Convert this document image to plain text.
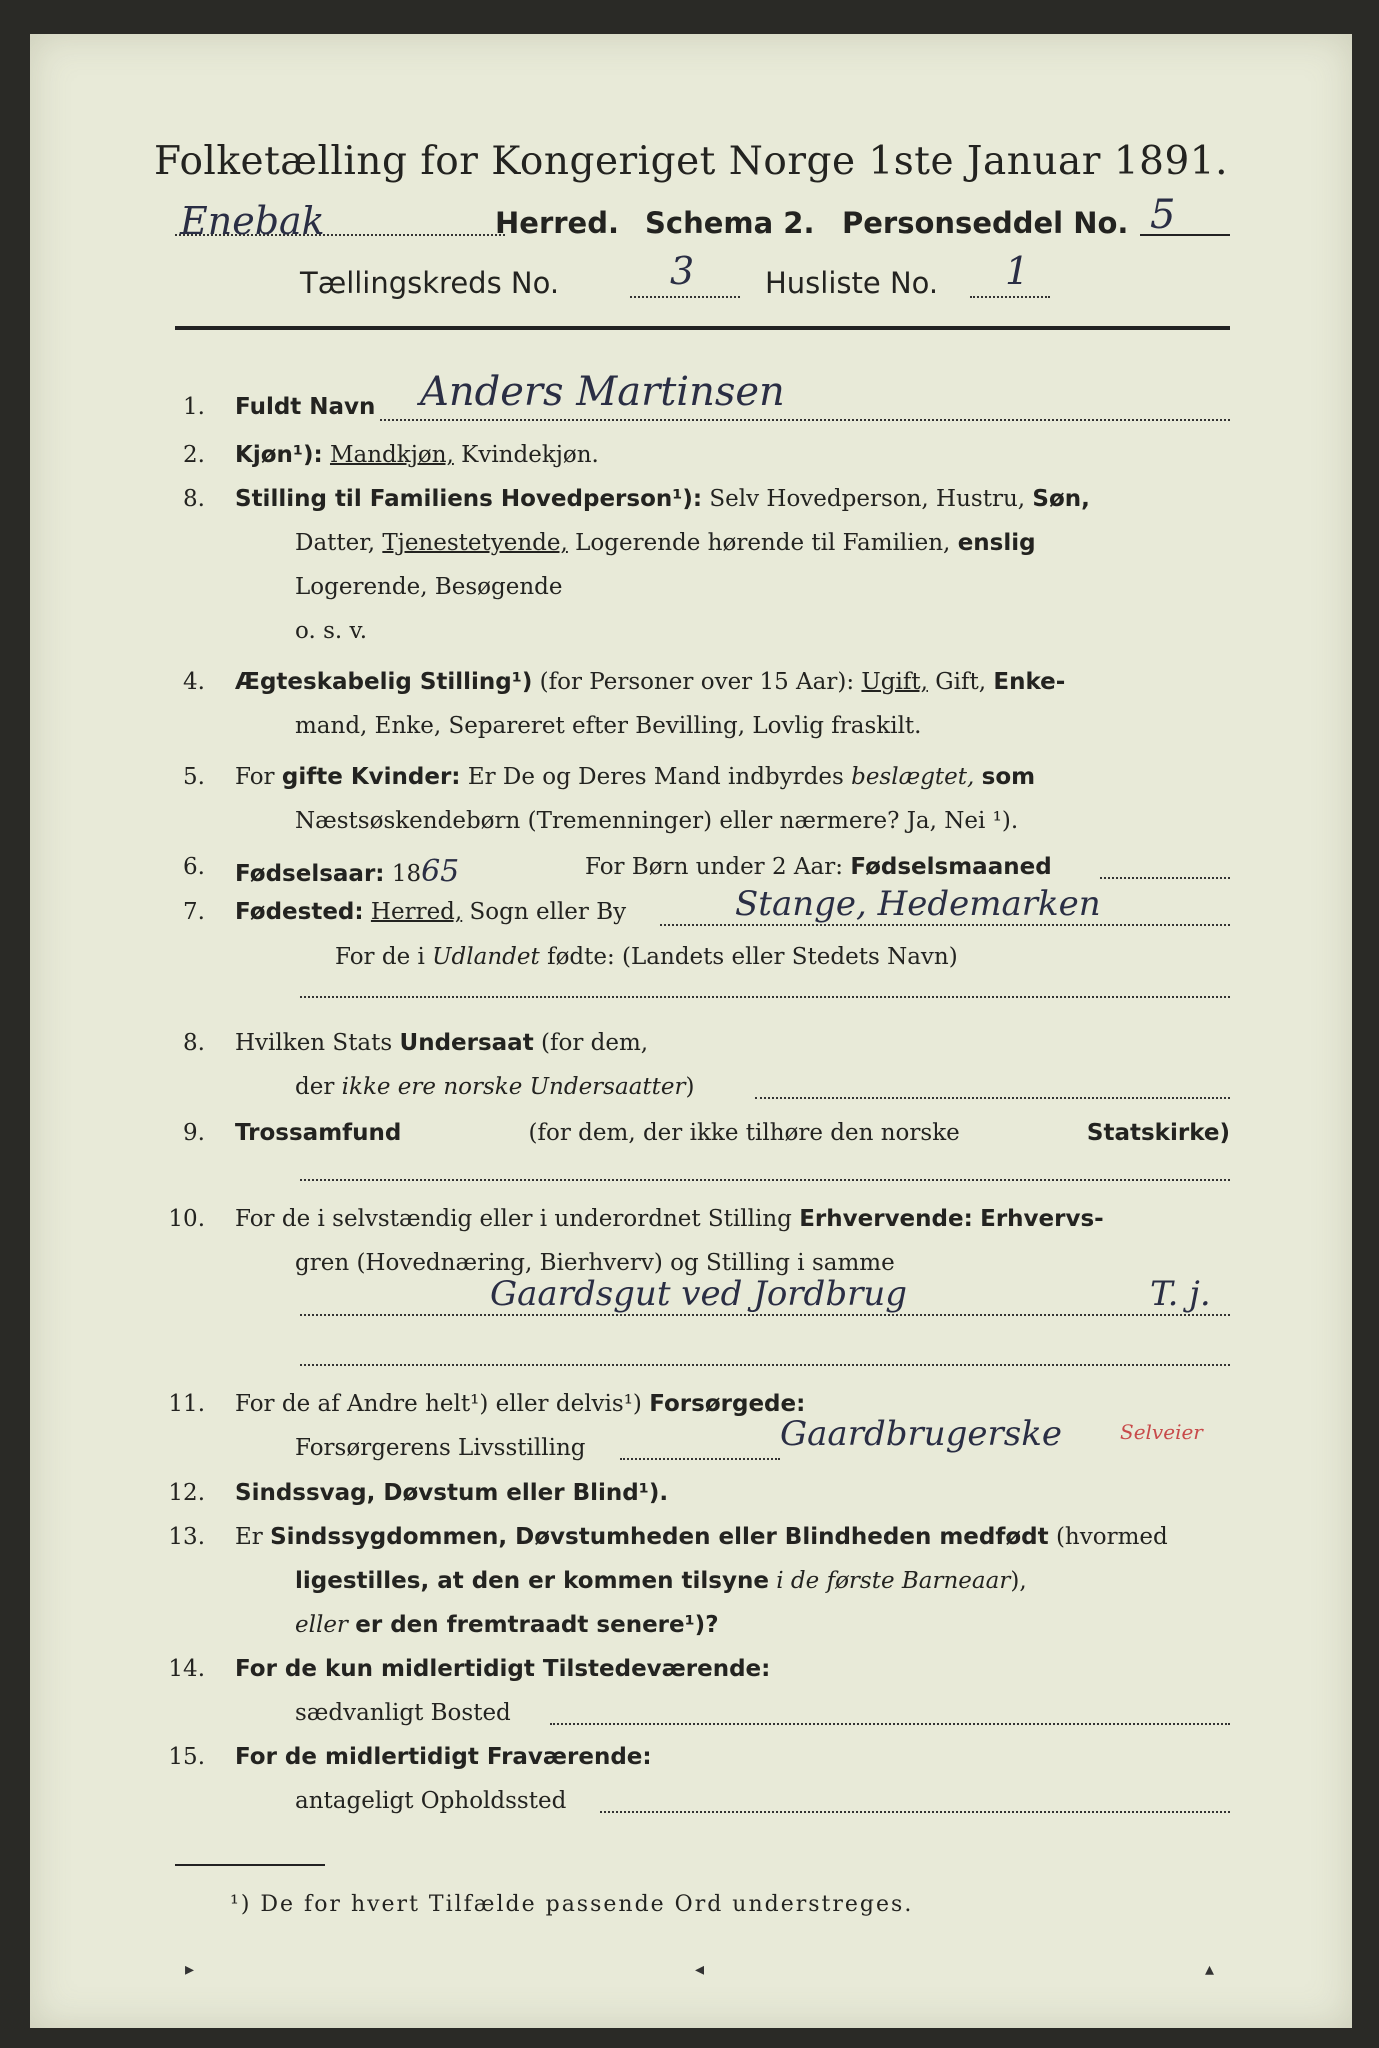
Folketælling for Kongeriget Norge 1ste Januar 1891.
Enebak	Herred. Schema 2. Personseddel No. 5
Tællingskreds No.	3 Husliste No. 1
1. Fuldt Navn Anders Martinsen
2. Kjøn¹): Mandkjøn, Kvindekjøn.
8. Stilling til Familiens Hovedperson¹): Selv Hovedperson, Hustru, Søn,
Datter, Tjenestetyende, Logerende hørende til Familien, enslig
Logerende, Besøgende
o. s. v.
4. Ægteskabelig Stilling¹) (for Personer over 15 Aar): Ugift, Gift, Enke-
mand, Enke, Separeret efter Bevilling, Lovlig fraskilt.
5. For gifte Kvinder: Er De og Deres Mand indbyrdes beslægtet, som
Næstsøskendebørn (Tremenninger) eller nærmere? Ja, Nei ¹).
6. Fødselsaar: 1865	For Børn under 2 Aar: Fødselsmaaned
7. Fødested: Herred, Sogn eller By	Stange, Hedemarken
For de i Udlandet fødte: (Landets eller Stedets Navn)
8. Hvilken Stats Undersaat (for dem,
der ikke ere norske Undersaatter)
9. Trossamfund	(for dem, der ikke tilhøre den norske	Statskirke)
10. For de i selvstændig eller i underordnet Stilling Erhvervende: Erhvervs-
gren (Hovednæring, Bierhverv) og Stilling i samme
Gaardsgut ved Jordbrug	T. j.
11. For de af Andre helt¹) eller delvis¹) Forsørgede:
Forsørgerens Livsstilling	Gaardbrugerske	Selveier
12. Sindssvag, Døvstum eller Blind¹).
13. Er Sindssygdommen, Døvstumheden eller Blindheden medfødt (hvormed
ligestilles, at den er kommen tilsyne i de første Barneaar),
eller er den fremtraadt senere¹)?
14. For de kun midlertidigt Tilstedeværende:
sædvanligt Bosted
15. For de midlertidigt Fraværende:
antageligt Opholdssted
¹) De for hvert Tilfælde passende Ord understreges.
▸	◂	▴
